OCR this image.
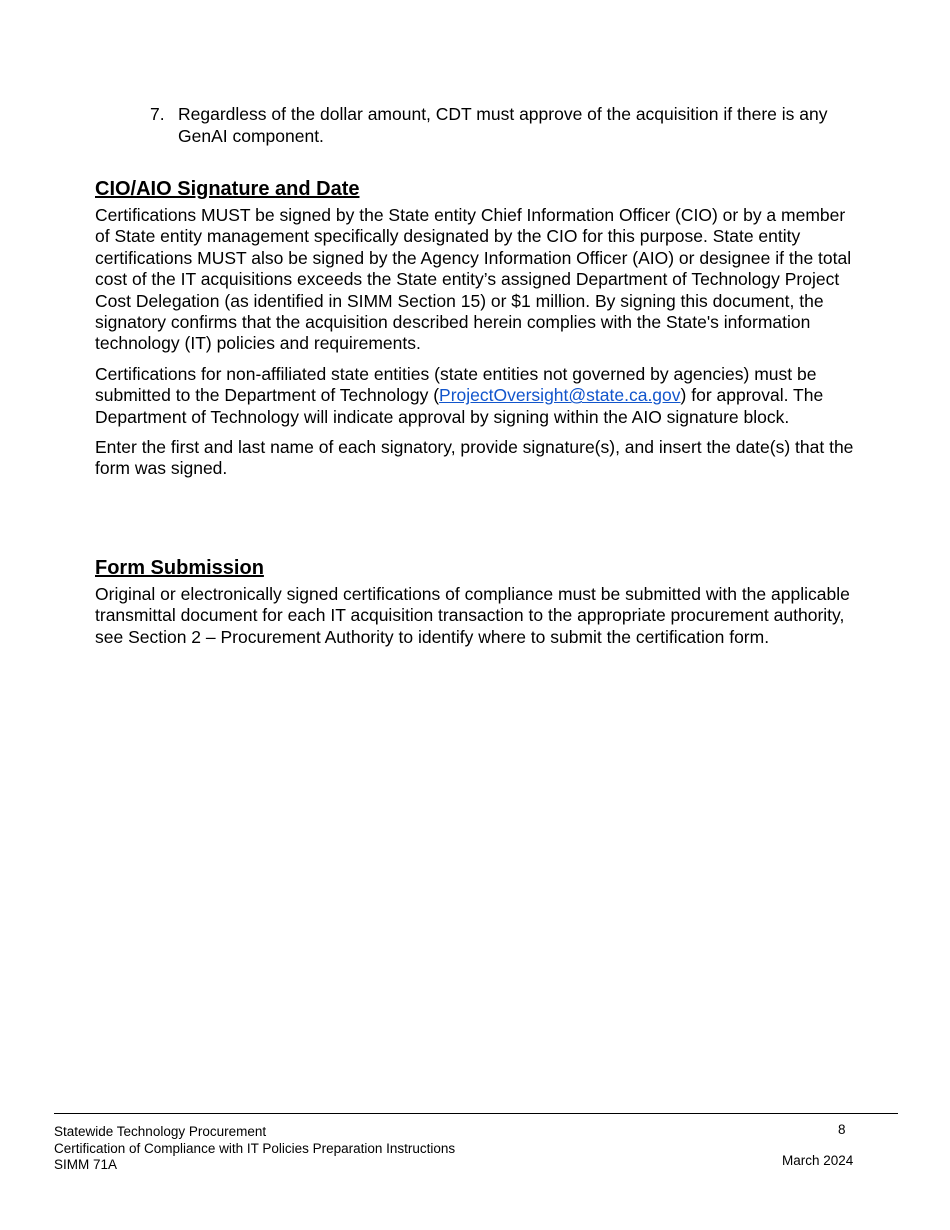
7. Regardless of the dollar amount, CDT must approve of the acquisition if there is any GenAI component.
CIO/AIO Signature and Date

Certifications MUST be signed by the State entity Chief Information Officer (CIO) or by a member of State entity management specifically designated by the CIO for this purpose. State entity certifications MUST also be signed by the Agency Information Officer (AIO) or designee if the total cost of the IT acquisitions exceeds the State entity’s assigned Department of Technology Project Cost Delegation (as identified in SIMM Section 15) or $1 million. By signing this document, the signatory confirms that the acquisition described herein complies with the State's information technology (IT) policies and requirements.

Certifications for non-affiliated state entities (state entities not governed by agencies) must be submitted to the Department of Technology (ProjectOversight@state.ca.gov) for approval. The Department of Technology will indicate approval by signing within the AIO signature block.

Enter the first and last name of each signatory, provide signature(s), and insert the date(s) that the form was signed.

Form Submission

Original or electronically signed certifications of compliance must be submitted with the applicable transmittal document for each IT acquisition transaction to the appropriate procurement authority, see Section 2 – Procurement Authority to identify where to submit the certification form.

Statewide Technology Procurement
Certification of Compliance with IT Policies Preparation Instructions
SIMM 71A
8
March 2024
